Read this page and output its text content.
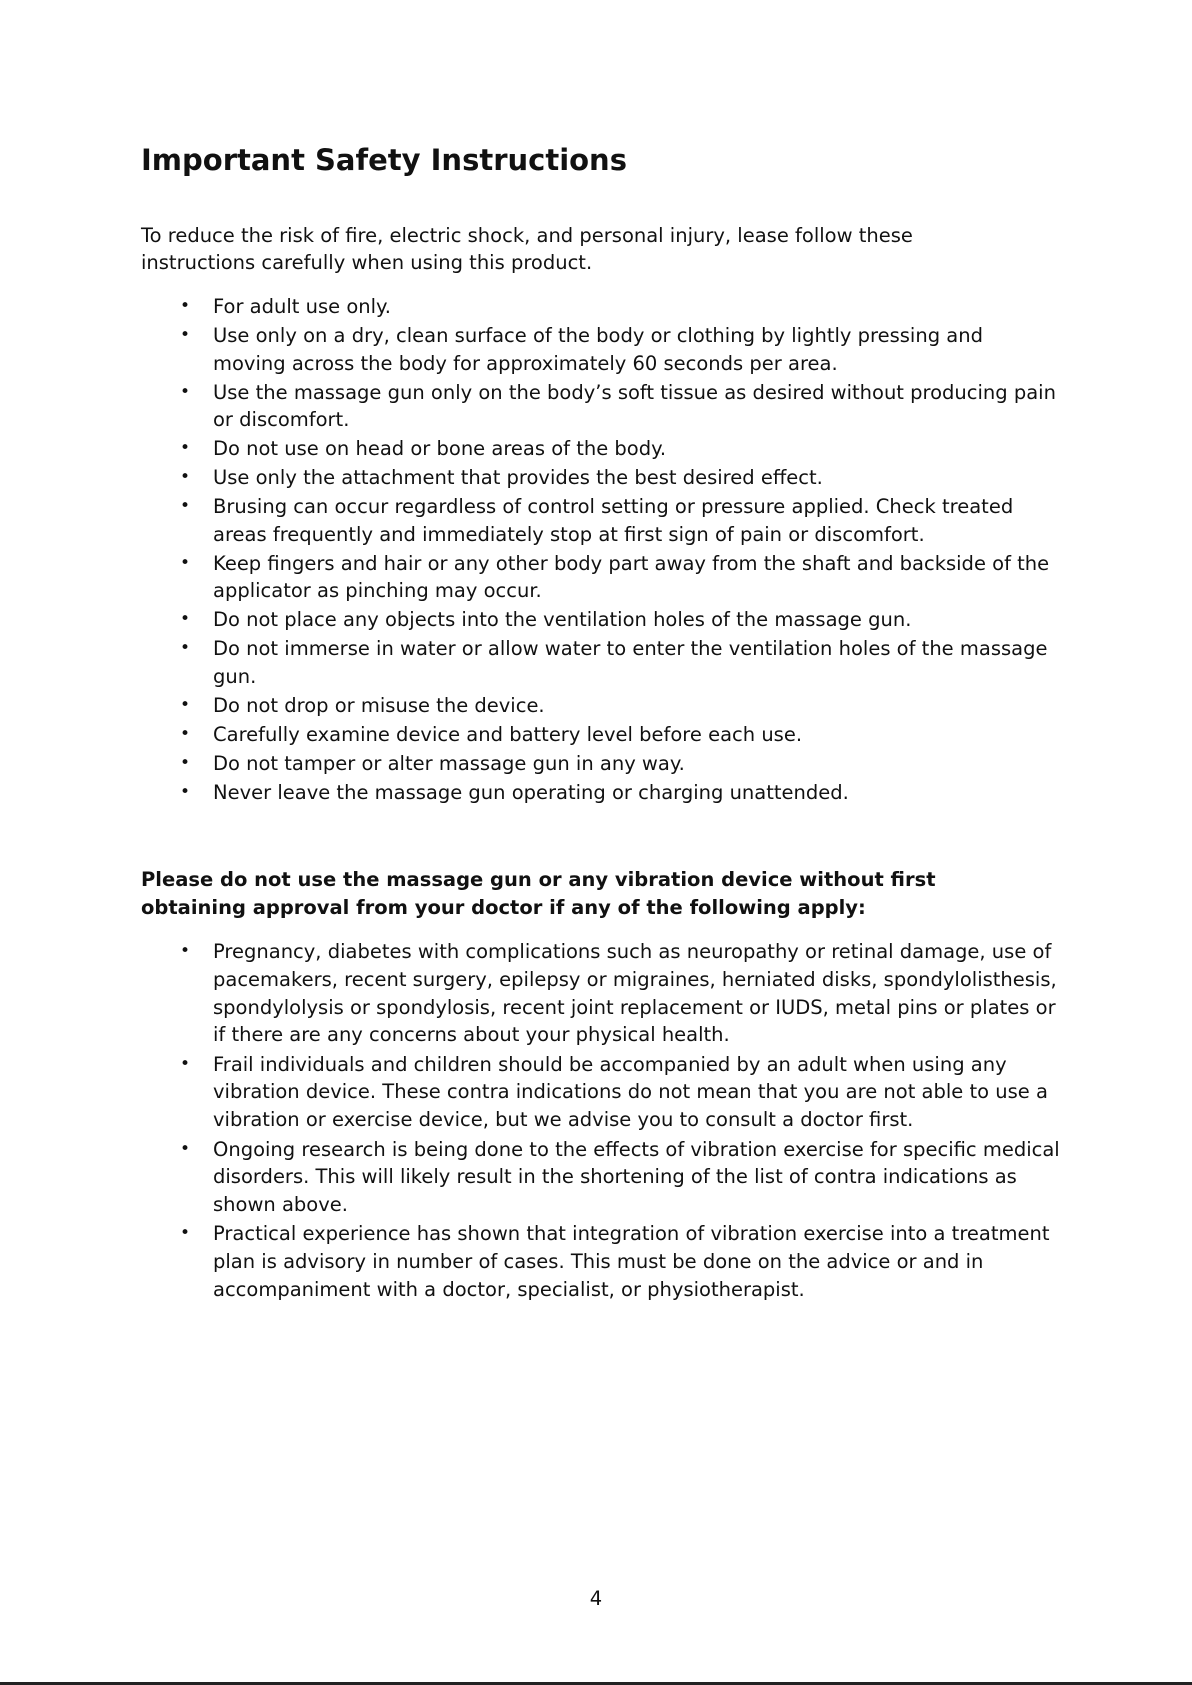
Important Safety Instructions

To reduce the risk of fire, electric shock, and personal injury, lease follow these instructions carefully when using this product.

• For adult use only.
• Use only on a dry, clean surface of the body or clothing by lightly pressing and moving across the body for approximately 60 seconds per area.
• Use the massage gun only on the body’s soft tissue as desired without producing pain or discomfort.
• Do not use on head or bone areas of the body.
• Use only the attachment that provides the best desired effect.
• Brusing can occur regardless of control setting or pressure applied. Check treated areas frequently and immediately stop at first sign of pain or discomfort.
• Keep fingers and hair or any other body part away from the shaft and backside of the applicator as pinching may occur.
• Do not place any objects into the ventilation holes of the massage gun.
• Do not immerse in water or allow water to enter the ventilation holes of the massage gun.
• Do not drop or misuse the device.
• Carefully examine device and battery level before each use.
• Do not tamper or alter massage gun in any way.
• Never leave the massage gun operating or charging unattended.

Please do not use the massage gun or any vibration device without first obtaining approval from your doctor if any of the following apply:

• Pregnancy, diabetes with complications such as neuropathy or retinal damage, use of pacemakers, recent surgery, epilepsy or migraines, herniated disks, spondylolisthesis, spondylolysis or spondylosis, recent joint replacement or IUDS, metal pins or plates or if there are any concerns about your physical health.
• Frail individuals and children should be accompanied by an adult when using any vibration device. These contra indications do not mean that you are not able to use a vibration or exercise device, but we advise you to consult a doctor first.
• Ongoing research is being done to the effects of vibration exercise for specific medical disorders. This will likely result in the shortening of the list of contra indications as shown above.
• Practical experience has shown that integration of vibration exercise into a treatment plan is advisory in number of cases. This must be done on the advice or and in accompaniment with a doctor, specialist, or physiotherapist.
4
